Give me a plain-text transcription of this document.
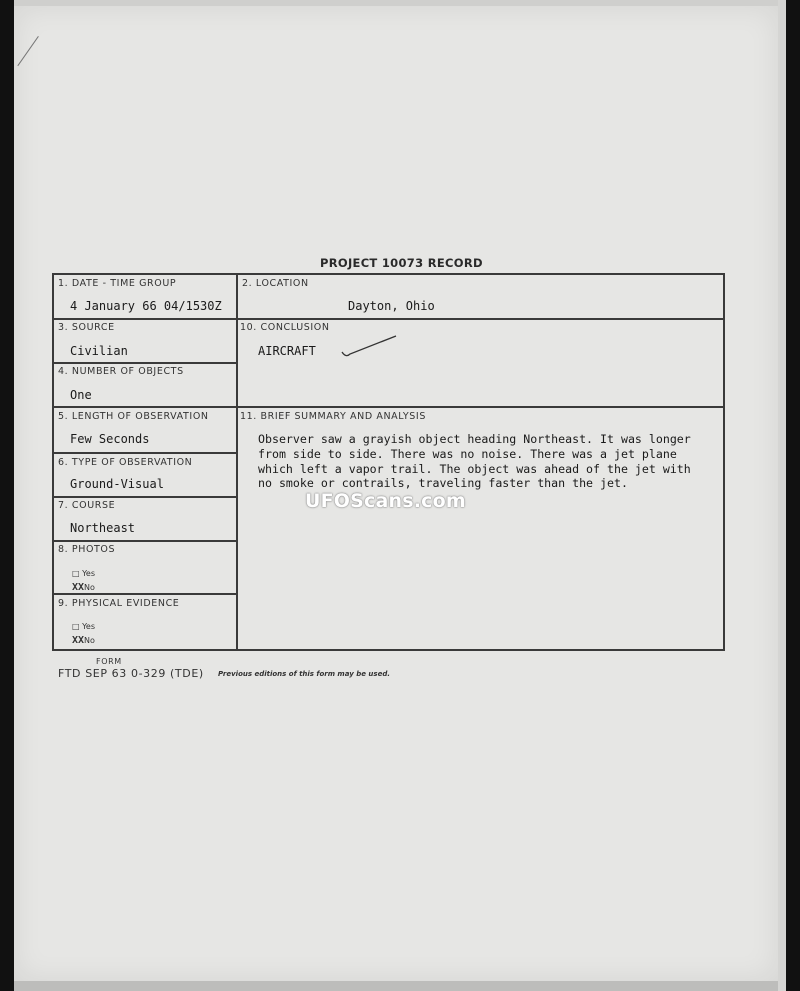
PROJECT 10073 RECORD
1. DATE - TIME GROUP
4 January 66 04/1530Z
2. LOCATION
Dayton, Ohio
3. SOURCE
Civilian
10. CONCLUSION
AIRCRAFT
4. NUMBER OF OBJECTS
One
5. LENGTH OF OBSERVATION
Few Seconds
11. BRIEF SUMMARY AND ANALYSIS
Observer saw a grayish object heading Northeast. It was longer
from side to side. There was no noise. There was a jet plane
which left a vapor trail. The object was ahead of the jet with
no smoke or contrails, traveling faster than the jet.
6. TYPE OF OBSERVATION
Ground-Visual
7. COURSE
Northeast
8. PHOTOS
□ Yes
XXNo
9. PHYSICAL EVIDENCE
□ Yes
XXNo
FORM
FTD SEP 63 0-329 (TDE) Previous editions of this form may be used.
UFOScans.com
